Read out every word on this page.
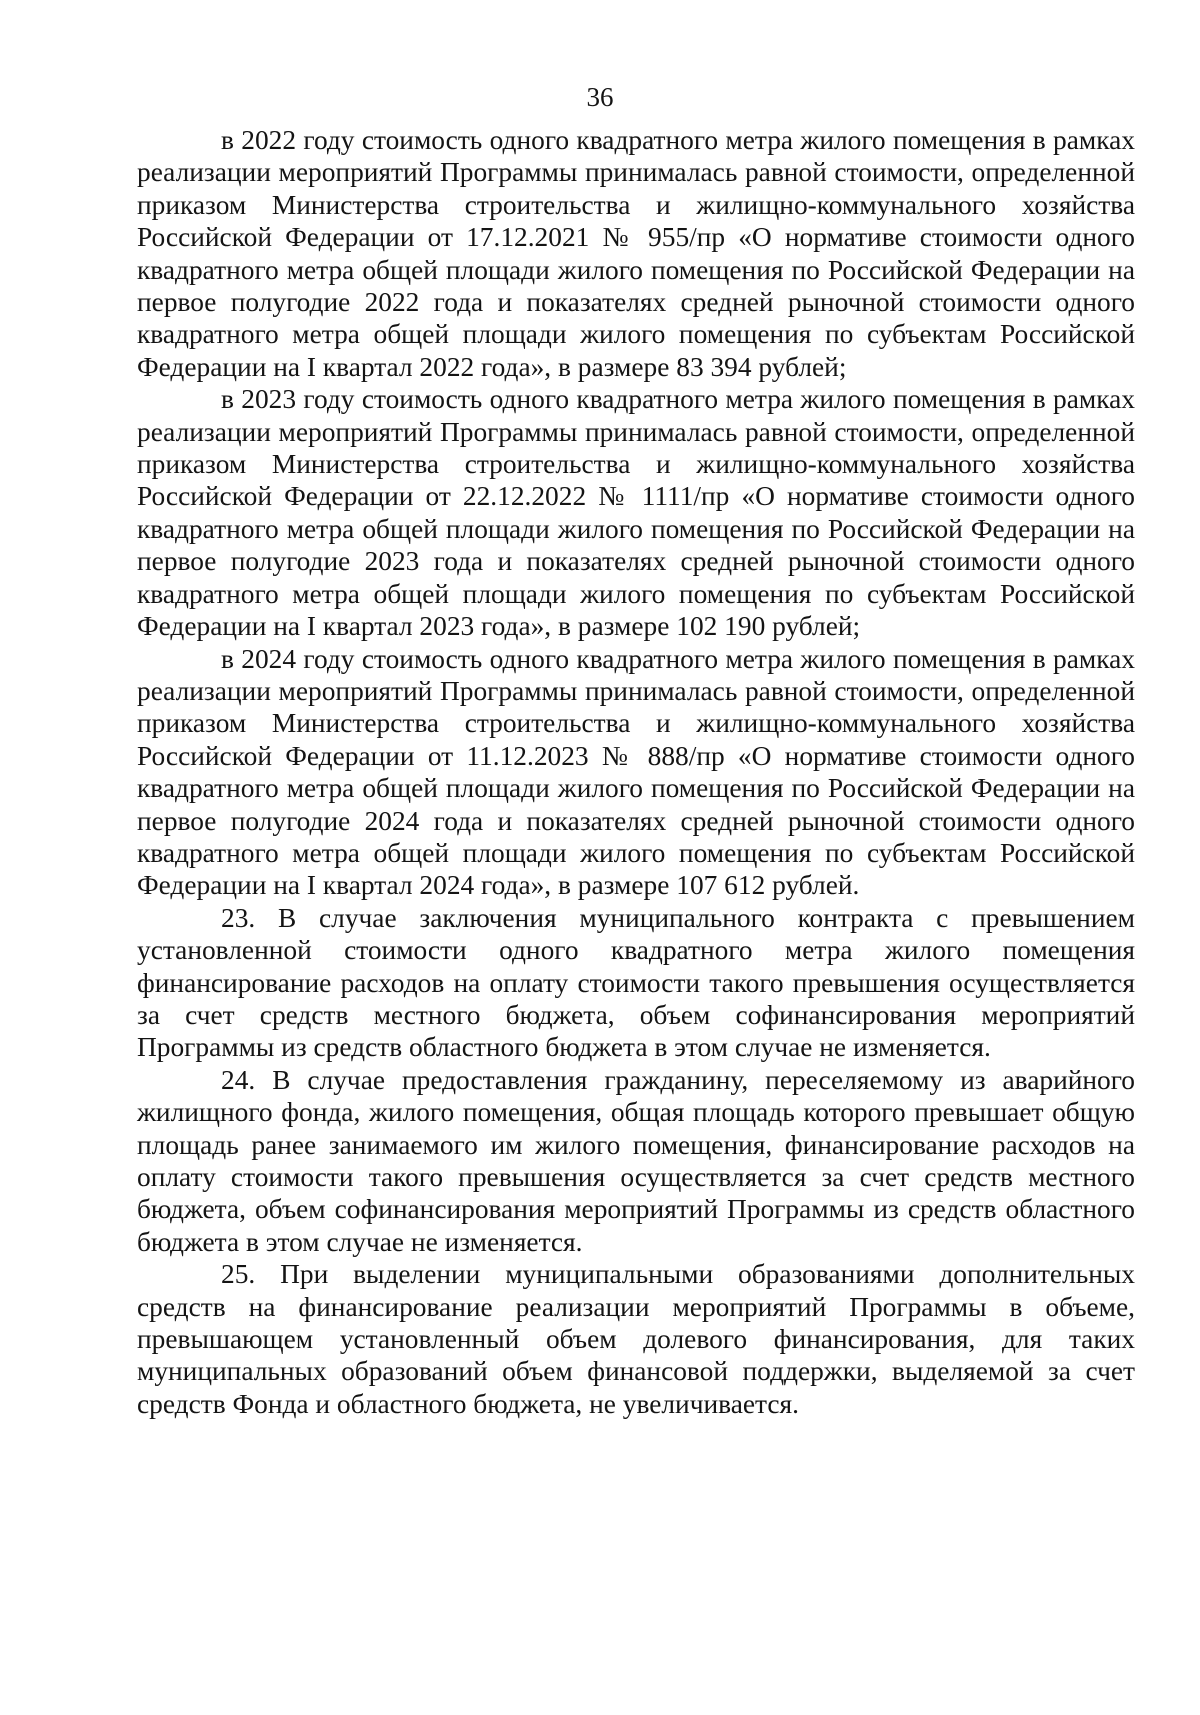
36

в 2022 году стоимость одного квадратного метра жилого помещения в рамках реализации мероприятий Программы принималась равной стоимости, определенной приказом Министерства строительства и жилищно-коммунального хозяйства Российской Федерации от 17.12.2021 № 955/пр «О нормативе стоимости одного квадратного метра общей площади жилого помещения по Российской Федерации на первое полугодие 2022 года и показателях средней рыночной стоимости одного квадратного метра общей площади жилого помещения по субъектам Российской Федерации на I квартал 2022 года», в размере 83 394 рублей;

в 2023 году стоимость одного квадратного метра жилого помещения в рамках реализации мероприятий Программы принималась равной стоимости, определенной приказом Министерства строительства и жилищно-коммунального хозяйства Российской Федерации от 22.12.2022 № 1111/пр «О нормативе стоимости одного квадратного метра общей площади жилого помещения по Российской Федерации на первое полугодие 2023 года и показателях средней рыночной стоимости одного квадратного метра общей площади жилого помещения по субъектам Российской Федерации на I квартал 2023 года», в размере 102 190 рублей;

в 2024 году стоимость одного квадратного метра жилого помещения в рамках реализации мероприятий Программы принималась равной стоимости, определенной приказом Министерства строительства и жилищно-коммунального хозяйства Российской Федерации от 11.12.2023 № 888/пр «О нормативе стоимости одного квадратного метра общей площади жилого помещения по Российской Федерации на первое полугодие 2024 года и показателях средней рыночной стоимости одного квадратного метра общей площади жилого помещения по субъектам Российской Федерации на I квартал 2024 года», в размере 107 612 рублей.

23. В случае заключения муниципального контракта с превышением установленной стоимости одного квадратного метра жилого помещения финансирование расходов на оплату стоимости такого превышения осуществляется за счет средств местного бюджета, объем софинансирования мероприятий Программы из средств областного бюджета в этом случае не изменяется.

24. В случае предоставления гражданину, переселяемому из аварийного жилищного фонда, жилого помещения, общая площадь которого превышает общую площадь ранее занимаемого им жилого помещения, финансирование расходов на оплату стоимости такого превышения осуществляется за счет средств местного бюджета, объем софинансирования мероприятий Программы из средств областного бюджета в этом случае не изменяется.

25. При выделении муниципальными образованиями дополнительных средств на финансирование реализации мероприятий Программы в объеме, превышающем установленный объем долевого финансирования, для таких муниципальных образований объем финансовой поддержки, выделяемой за счет средств Фонда и областного бюджета, не увеличивается.
